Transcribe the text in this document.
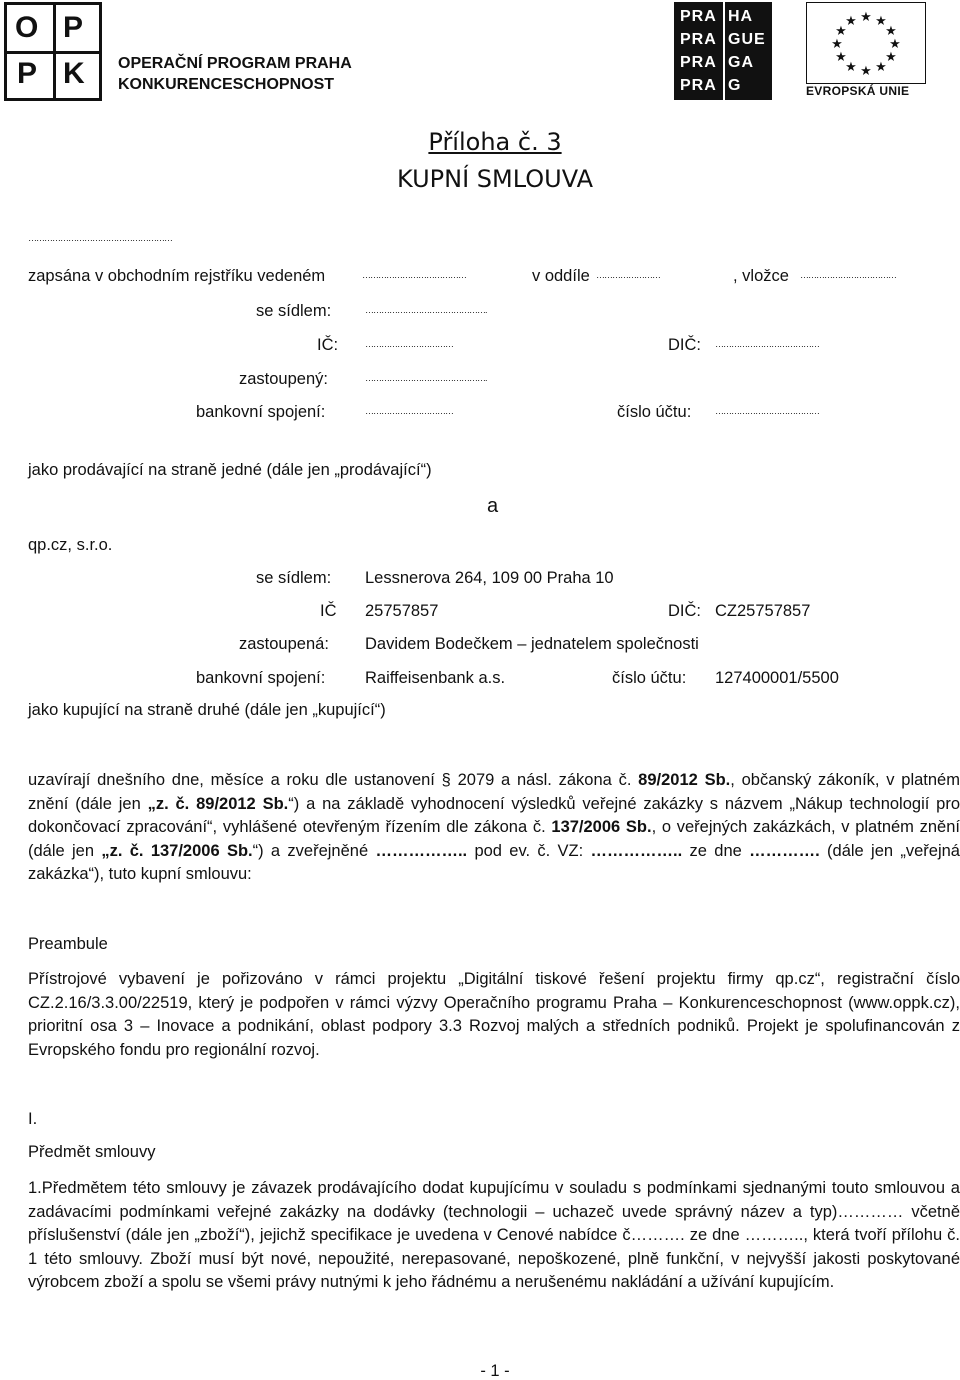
O P
P K OPERAČNÍ PROGRAM PRAHA
KONKURENCESCHOPNOST
PRA
PRA
PRA
PRA
HA
GUE
GA
G
★ ★
★
★
★
★
★
★
★
★
★
★
EVROPSKÁ UNIE
Příloha č. 3
KUPNÍ SMLOUVA
………………………………………………
zapsána v obchodním rejstříku vedeném	…………………………………	v oddíle ……………………	, vložce ………………………………
se sídlem:	……………………………………….
IČ:	……………………………	DIČ: …………………………………
zastoupený:	……………………………………….
bankovní spojení:	……………………………	číslo účtu:	…………………………………
jako prodávající na straně jedné (dále jen „prodávající“)
a
qp.cz, s.r.o.
se sídlem: Lessnerova 264, 109 00 Praha 10
IČ 25757857	DIČ: CZ25757857
zastoupená: Davidem Bodečkem – jednatelem společnosti
bankovní spojení: Raiffeisenbank a.s.	číslo účtu: 127400001/5500
jako kupující na straně druhé (dále jen „kupující“)
uzavírají dnešního dne, měsíce a roku dle ustanovení § 2079 a násl. zákona č. 89/2012 Sb., občanský zákoník, v platném znění (dále jen „z. č. 89/2012 Sb.“) a na základě vyhodnocení výsledků veřejné zakázky s názvem „Nákup technologií pro dokončovací zpracování“, vyhlášené otevřeným řízením dle zákona č. 137/2006 Sb., o veřejných zakázkách, v platném znění (dále jen „z. č. 137/2006 Sb.“) a zveřejněné …………….. pod ev. č. VZ: …………….. ze dne …………. (dále jen „veřejná zakázka“), tuto kupní smlouvu:
Preambule
Přístrojové vybavení je pořizováno v rámci projektu „Digitální tiskové řešení projektu firmy qp.cz“, registrační číslo CZ.2.16/3.3.00/22519, který je podpořen v rámci výzvy Operačního programu Praha – Konkurenceschopnost (www.oppk.cz), prioritní osa 3 – Inovace a podnikání, oblast podpory 3.3 Rozvoj malých a středních podniků. Projekt je spolufinancován z Evropského fondu pro regionální rozvoj.
I.
Předmět smlouvy
1.Předmětem této smlouvy je závazek prodávajícího dodat kupujícímu v souladu s podmínkami sjednanými touto smlouvou a zadávacími podmínkami veřejné zakázky na dodávky (technologii – uchazeč uvede správný název a typ)………… včetně příslušenství (dále jen „zboží“), jejichž specifikace je uvedena v Cenové nabídce č………. ze dne ……….., která tvoří přílohu č. 1 této smlouvy. Zboží musí být nové, nepoužité, nerepasované, nepoškozené, plně funkční, v nejvyšší jakosti poskytované výrobcem zboží a spolu se všemi právy nutnými k jeho řádnému a nerušenému nakládání a užívání kupujícím.
- 1 -
